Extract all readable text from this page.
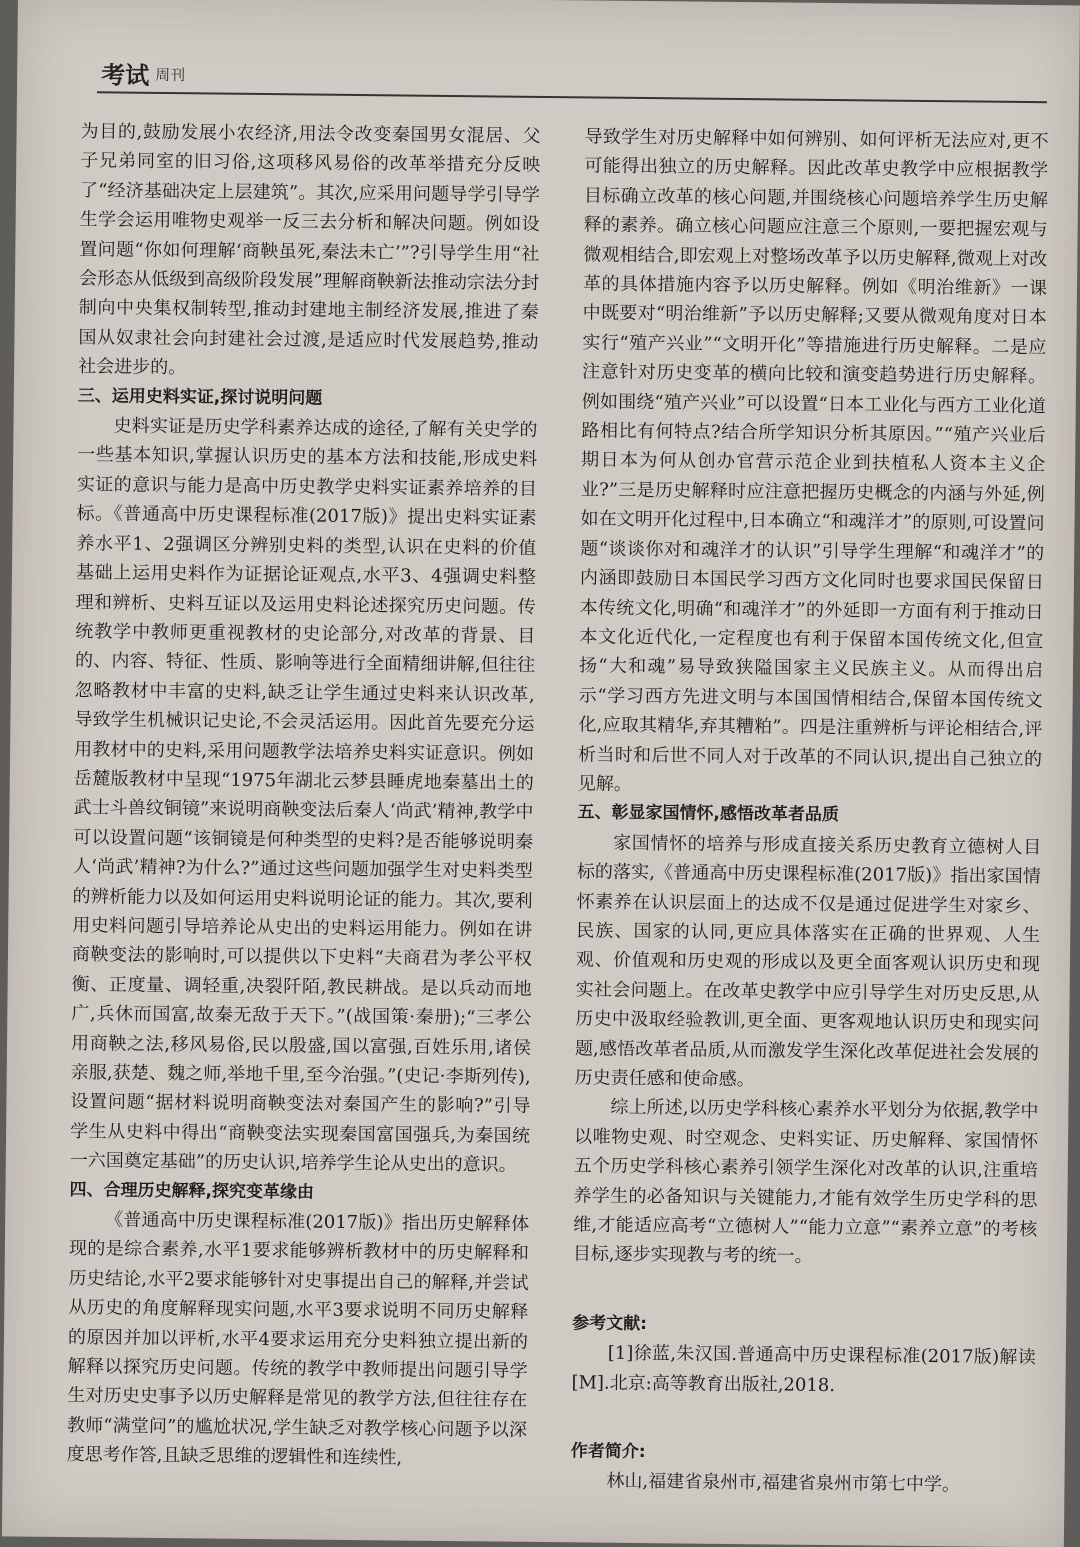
考试 周刊

为目的,鼓励发展小农经济,用法令改变秦国男女混居、父子兄弟同室的旧习俗,这项移风易俗的改革举措充分反映了“经济基础决定上层建筑”。其次,应采用问题导学引导学生学会运用唯物史观举一反三去分析和解决问题。例如设置问题“你如何理解‘商鞅虽死,秦法未亡’”?引导学生用“社会形态从低级到高级阶段发展”理解商鞅新法推动宗法分封制向中央集权制转型,推动封建地主制经济发展,推进了秦国从奴隶社会向封建社会过渡,是适应时代发展趋势,推动社会进步的。

三、运用史料实证,探讨说明问题

史料实证是历史学科素养达成的途径,了解有关史学的一些基本知识,掌握认识历史的基本方法和技能,形成史料实证的意识与能力是高中历史教学史料实证素养培养的目标。《普通高中历史课程标准(2017版)》提出史料实证素养水平1、2强调区分辨别史料的类型,认识在史料的价值基础上运用史料作为证据论证观点,水平3、4强调史料整理和辨析、史料互证以及运用史料论述探究历史问题。传统教学中教师更重视教材的史论部分,对改革的背景、目的、内容、特征、性质、影响等进行全面精细讲解,但往往忽略教材中丰富的史料,缺乏让学生通过史料来认识改革,导致学生机械识记史论,不会灵活运用。因此首先要充分运用教材中的史料,采用问题教学法培养史料实证意识。例如岳麓版教材中呈现“1975年湖北云梦县睡虎地秦墓出土的武士斗兽纹铜镜”来说明商鞅变法后秦人‘尚武’精神,教学中可以设置问题“该铜镜是何种类型的史料?是否能够说明秦人‘尚武’精神?为什么?”通过这些问题加强学生对史料类型的辨析能力以及如何运用史料说明论证的能力。其次,要利用史料问题引导培养论从史出的史料运用能力。例如在讲商鞅变法的影响时,可以提供以下史料“夫商君为孝公平权衡、正度量、调轻重,决裂阡陌,教民耕战。是以兵动而地广,兵休而国富,故秦无敌于天下。”(战国策·秦册);“三孝公用商鞅之法,移风易俗,民以殷盛,国以富强,百姓乐用,诸侯亲服,获楚、魏之师,举地千里,至今治强。”(史记·李斯列传),设置问题“据材料说明商鞅变法对秦国产生的影响?”引导学生从史料中得出“商鞅变法实现秦国富国强兵,为秦国统一六国奠定基础”的历史认识,培养学生论从史出的意识。

四、合理历史解释,探究变革缘由

《普通高中历史课程标准(2017版)》指出历史解释体现的是综合素养,水平1要求能够辨析教材中的历史解释和历史结论,水平2要求能够针对史事提出自己的解释,并尝试从历史的角度解释现实问题,水平3要求说明不同历史解释的原因并加以评析,水平4要求运用充分史料独立提出新的解释以探究历史问题。传统的教学中教师提出问题引导学生对历史史事予以历史解释是常见的教学方法,但往往存在教师“满堂问”的尴尬状况,学生缺乏对教学核心问题予以深度思考作答,且缺乏思维的逻辑性和连续性,

导致学生对历史解释中如何辨别、如何评析无法应对,更不可能得出独立的历史解释。因此改革史教学中应根据教学目标确立改革的核心问题,并围绕核心问题培养学生历史解释的素养。确立核心问题应注意三个原则,一要把握宏观与微观相结合,即宏观上对整场改革予以历史解释,微观上对改革的具体措施内容予以历史解释。例如《明治维新》一课中既要对“明治维新”予以历史解释;又要从微观角度对日本实行“殖产兴业”“文明开化”等措施进行历史解释。二是应注意针对历史变革的横向比较和演变趋势进行历史解释。例如围绕“殖产兴业”可以设置“日本工业化与西方工业化道路相比有何特点?结合所学知识分析其原因。”“殖产兴业后期日本为何从创办官营示范企业到扶植私人资本主义企业?”三是历史解释时应注意把握历史概念的内涵与外延,例如在文明开化过程中,日本确立“和魂洋才”的原则,可设置问题“谈谈你对和魂洋才的认识”引导学生理解“和魂洋才”的内涵即鼓励日本国民学习西方文化同时也要求国民保留日本传统文化,明确“和魂洋才”的外延即一方面有利于推动日本文化近代化,一定程度也有利于保留本国传统文化,但宣扬“大和魂”易导致狭隘国家主义民族主义。从而得出启示“学习西方先进文明与本国国情相结合,保留本国传统文化,应取其精华,弃其糟粕”。四是注重辨析与评论相结合,评析当时和后世不同人对于改革的不同认识,提出自己独立的见解。

五、彰显家国情怀,感悟改革者品质

家国情怀的培养与形成直接关系历史教育立德树人目标的落实,《普通高中历史课程标准(2017版)》指出家国情怀素养在认识层面上的达成不仅是通过促进学生对家乡、民族、国家的认同,更应具体落实在正确的世界观、人生观、价值观和历史观的形成以及更全面客观认识历史和现实社会问题上。在改革史教学中应引导学生对历史反思,从历史中汲取经验教训,更全面、更客观地认识历史和现实问题,感悟改革者品质,从而激发学生深化改革促进社会发展的历史责任感和使命感。

综上所述,以历史学科核心素养水平划分为依据,教学中以唯物史观、时空观念、史料实证、历史解释、家国情怀五个历史学科核心素养引领学生深化对改革的认识,注重培养学生的必备知识与关键能力,才能有效学生历史学科的思维,才能适应高考“立德树人”“能力立意”“素养立意”的考核目标,逐步实现教与考的统一。

参考文献:

[1]徐蓝,朱汉国.普通高中历史课程标准(2017版)解读[M].北京:高等教育出版社,2018.

作者简介:

林山,福建省泉州市,福建省泉州市第七中学。
